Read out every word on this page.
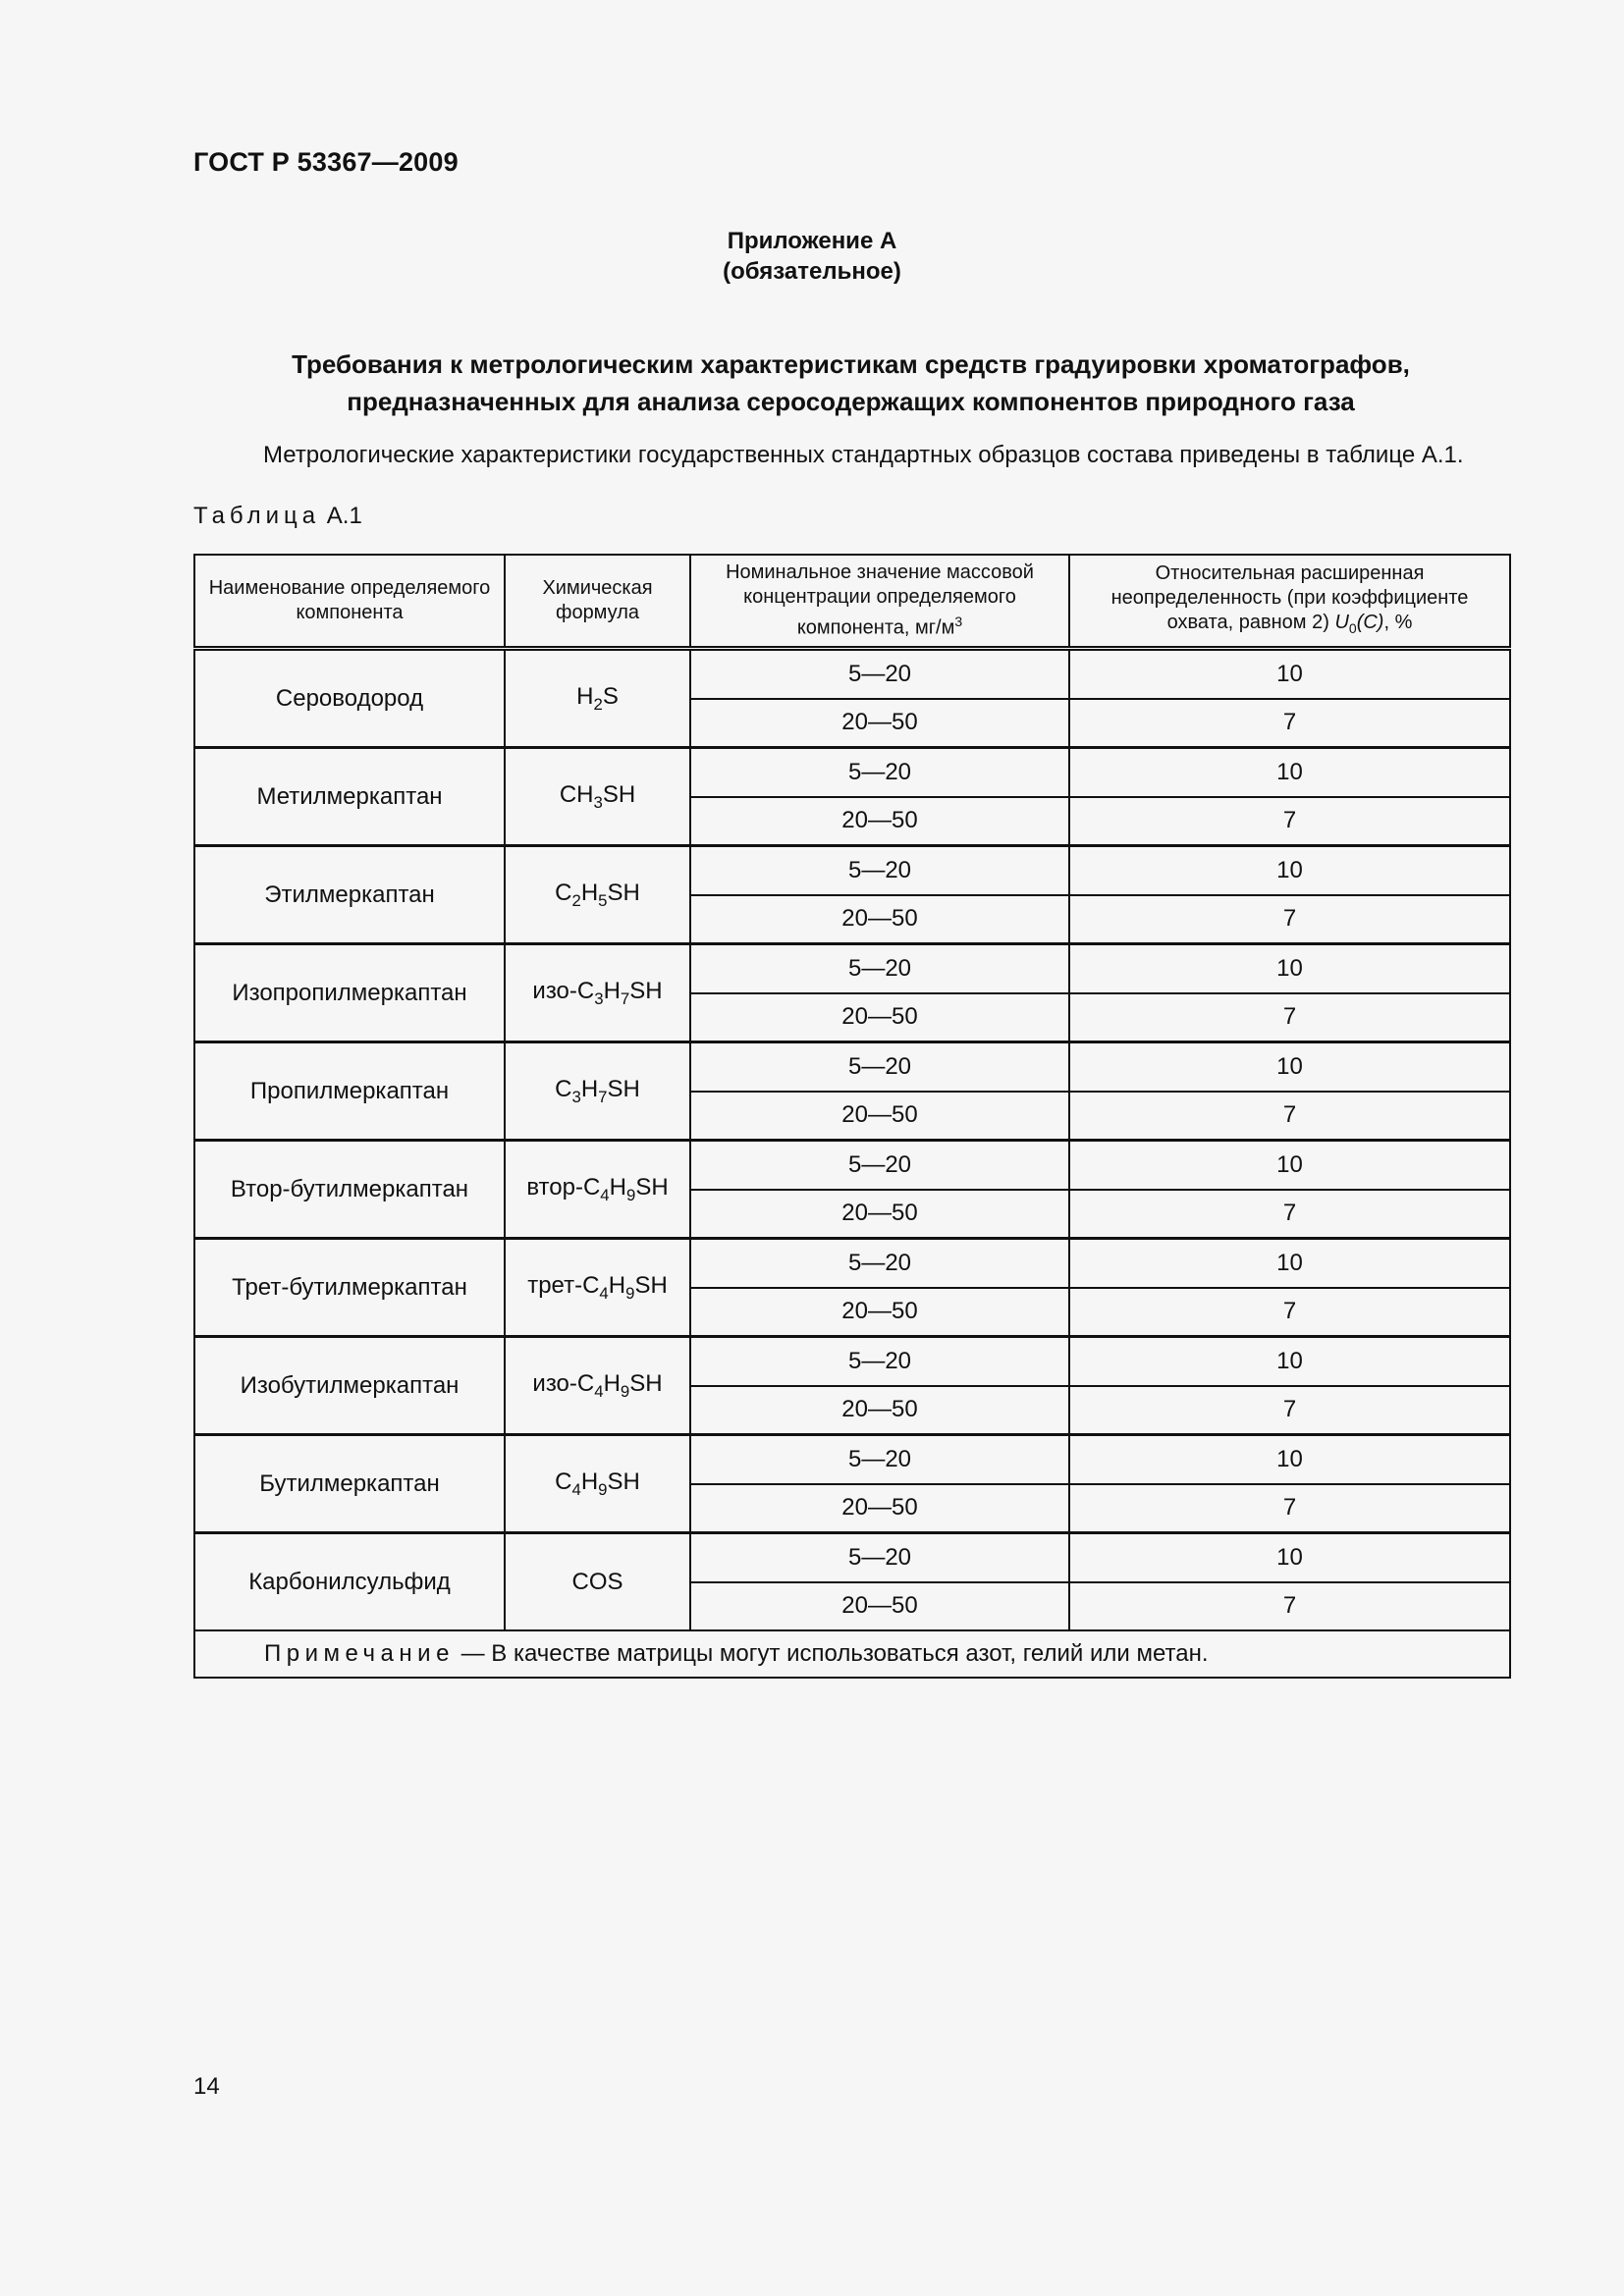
ГОСТ Р 53367—2009
Приложение А
(обязательное)
Требования к метрологическим характеристикам средств градуировки хроматографов,
предназначенных для анализа серосодержащих компонентов природного газа
Метрологические характеристики государственных стандартных образцов состава приведены в таблице А.1.
Таблица А.1
Наименование определяемого компонента	Химическая формула	Номинальное значение массовой концентрации определяемого компонента, $мг/м^3$	Относительная расширенная неопределенность (при коэффициенте охвата, равном 2) $U_0(C)$, %
Сероводород	$H_2S$	5—20	10
		20—50	7
Метилмеркаптан	$CH_3SH$	5—20	10
		20—50	7
Этилмеркаптан	$C_2H_5SH$	5—20	10
		20—50	7
Изопропилмеркаптан	изо-$C_3H_7SH$	5—20	10
		20—50	7
Пропилмеркаптан	$C_3H_7SH$	5—20	10
		20—50	7
Втор-бутилмеркаптан	втор-$C_4H_9SH$	5—20	10
		20—50	7
Трет-бутилмеркаптан	трет-$C_4H_9SH$	5—20	10
		20—50	7
Изобутилмеркаптан	изо-$C_4H_9SH$	5—20	10
		20—50	7
Бутилмеркаптан	$C_4H_9SH$	5—20	10
		20—50	7
Карбонилсульфид	COS	5—20	10
		20—50	7
Примечание — В качестве матрицы могут использоваться азот, гелий или метан.			
14
